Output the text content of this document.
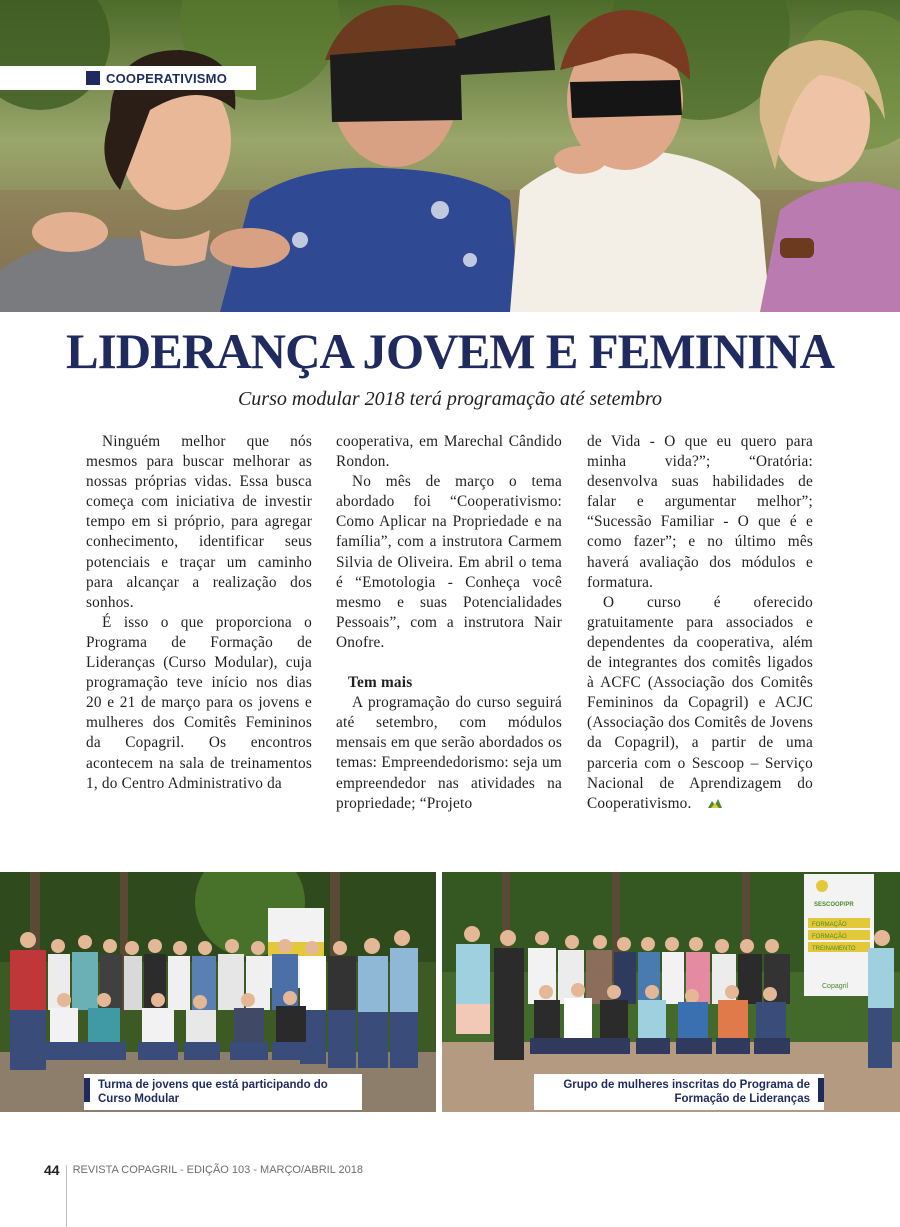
COOPERATIVISMO
LIDERANÇA JOVEM E FEMININA
Curso modular 2018 terá programação até setembro

Ninguém melhor que nós mesmos para buscar melhorar as nossas próprias vidas. Essa busca começa com iniciativa de investir tempo em si próprio, para agregar conhecimento, identificar seus potenciais e traçar um caminho para alcançar a realização dos sonhos.

É isso o que proporciona o Programa de Formação de Lideranças (Curso Modular), cuja programação teve início nos dias 20 e 21 de março para os jovens e mulheres dos Comitês Femininos da Copagril. Os encontros acontecem na sala de treinamentos 1, do Centro Administrativo da

cooperativa, em Marechal Cândido Rondon.

No mês de março o tema abordado foi “Cooperativismo: Como Aplicar na Propriedade e na família”, com a instrutora Carmem Silvia de Oliveira. Em abril o tema é “Emotologia - Conheça você mesmo e suas Potencialidades Pessoais”, com a instrutora Nair Onofre.

Tem mais

A programação do curso seguirá até setembro, com módulos mensais em que serão abordados os temas: Empreendedorismo: seja um empreendedor nas atividades na propriedade; “Projeto

de Vida - O que eu quero para minha vida?”; “Oratória: desenvolva suas habilidades de falar e argumentar melhor”; “Sucessão Familiar - O que é e como fazer”; e no último mês haverá avaliação dos módulos e formatura.

O curso é oferecido gratuitamente para associados e dependentes da cooperativa, além de integrantes dos comitês ligados à ACFC (Associação dos Comitês Femininos da Copagril) e ACJC (Associação dos Comitês de Jovens da Copagril), a partir de uma parceria com o Sescoop – Serviço Nacional de Aprendizagem do Cooperativismo.

SESCOOP/PR
FORMAÇÃO
FORMAÇÃO
TREINAMENTO
Copagril
Turma de jovens que está participando do Curso Modular
Grupo de mulheres inscritas do Programa de Formação de Lideranças
44 REVISTA COPAGRIL - EDIÇÃO 103 - MARÇO/ABRIL 2018
